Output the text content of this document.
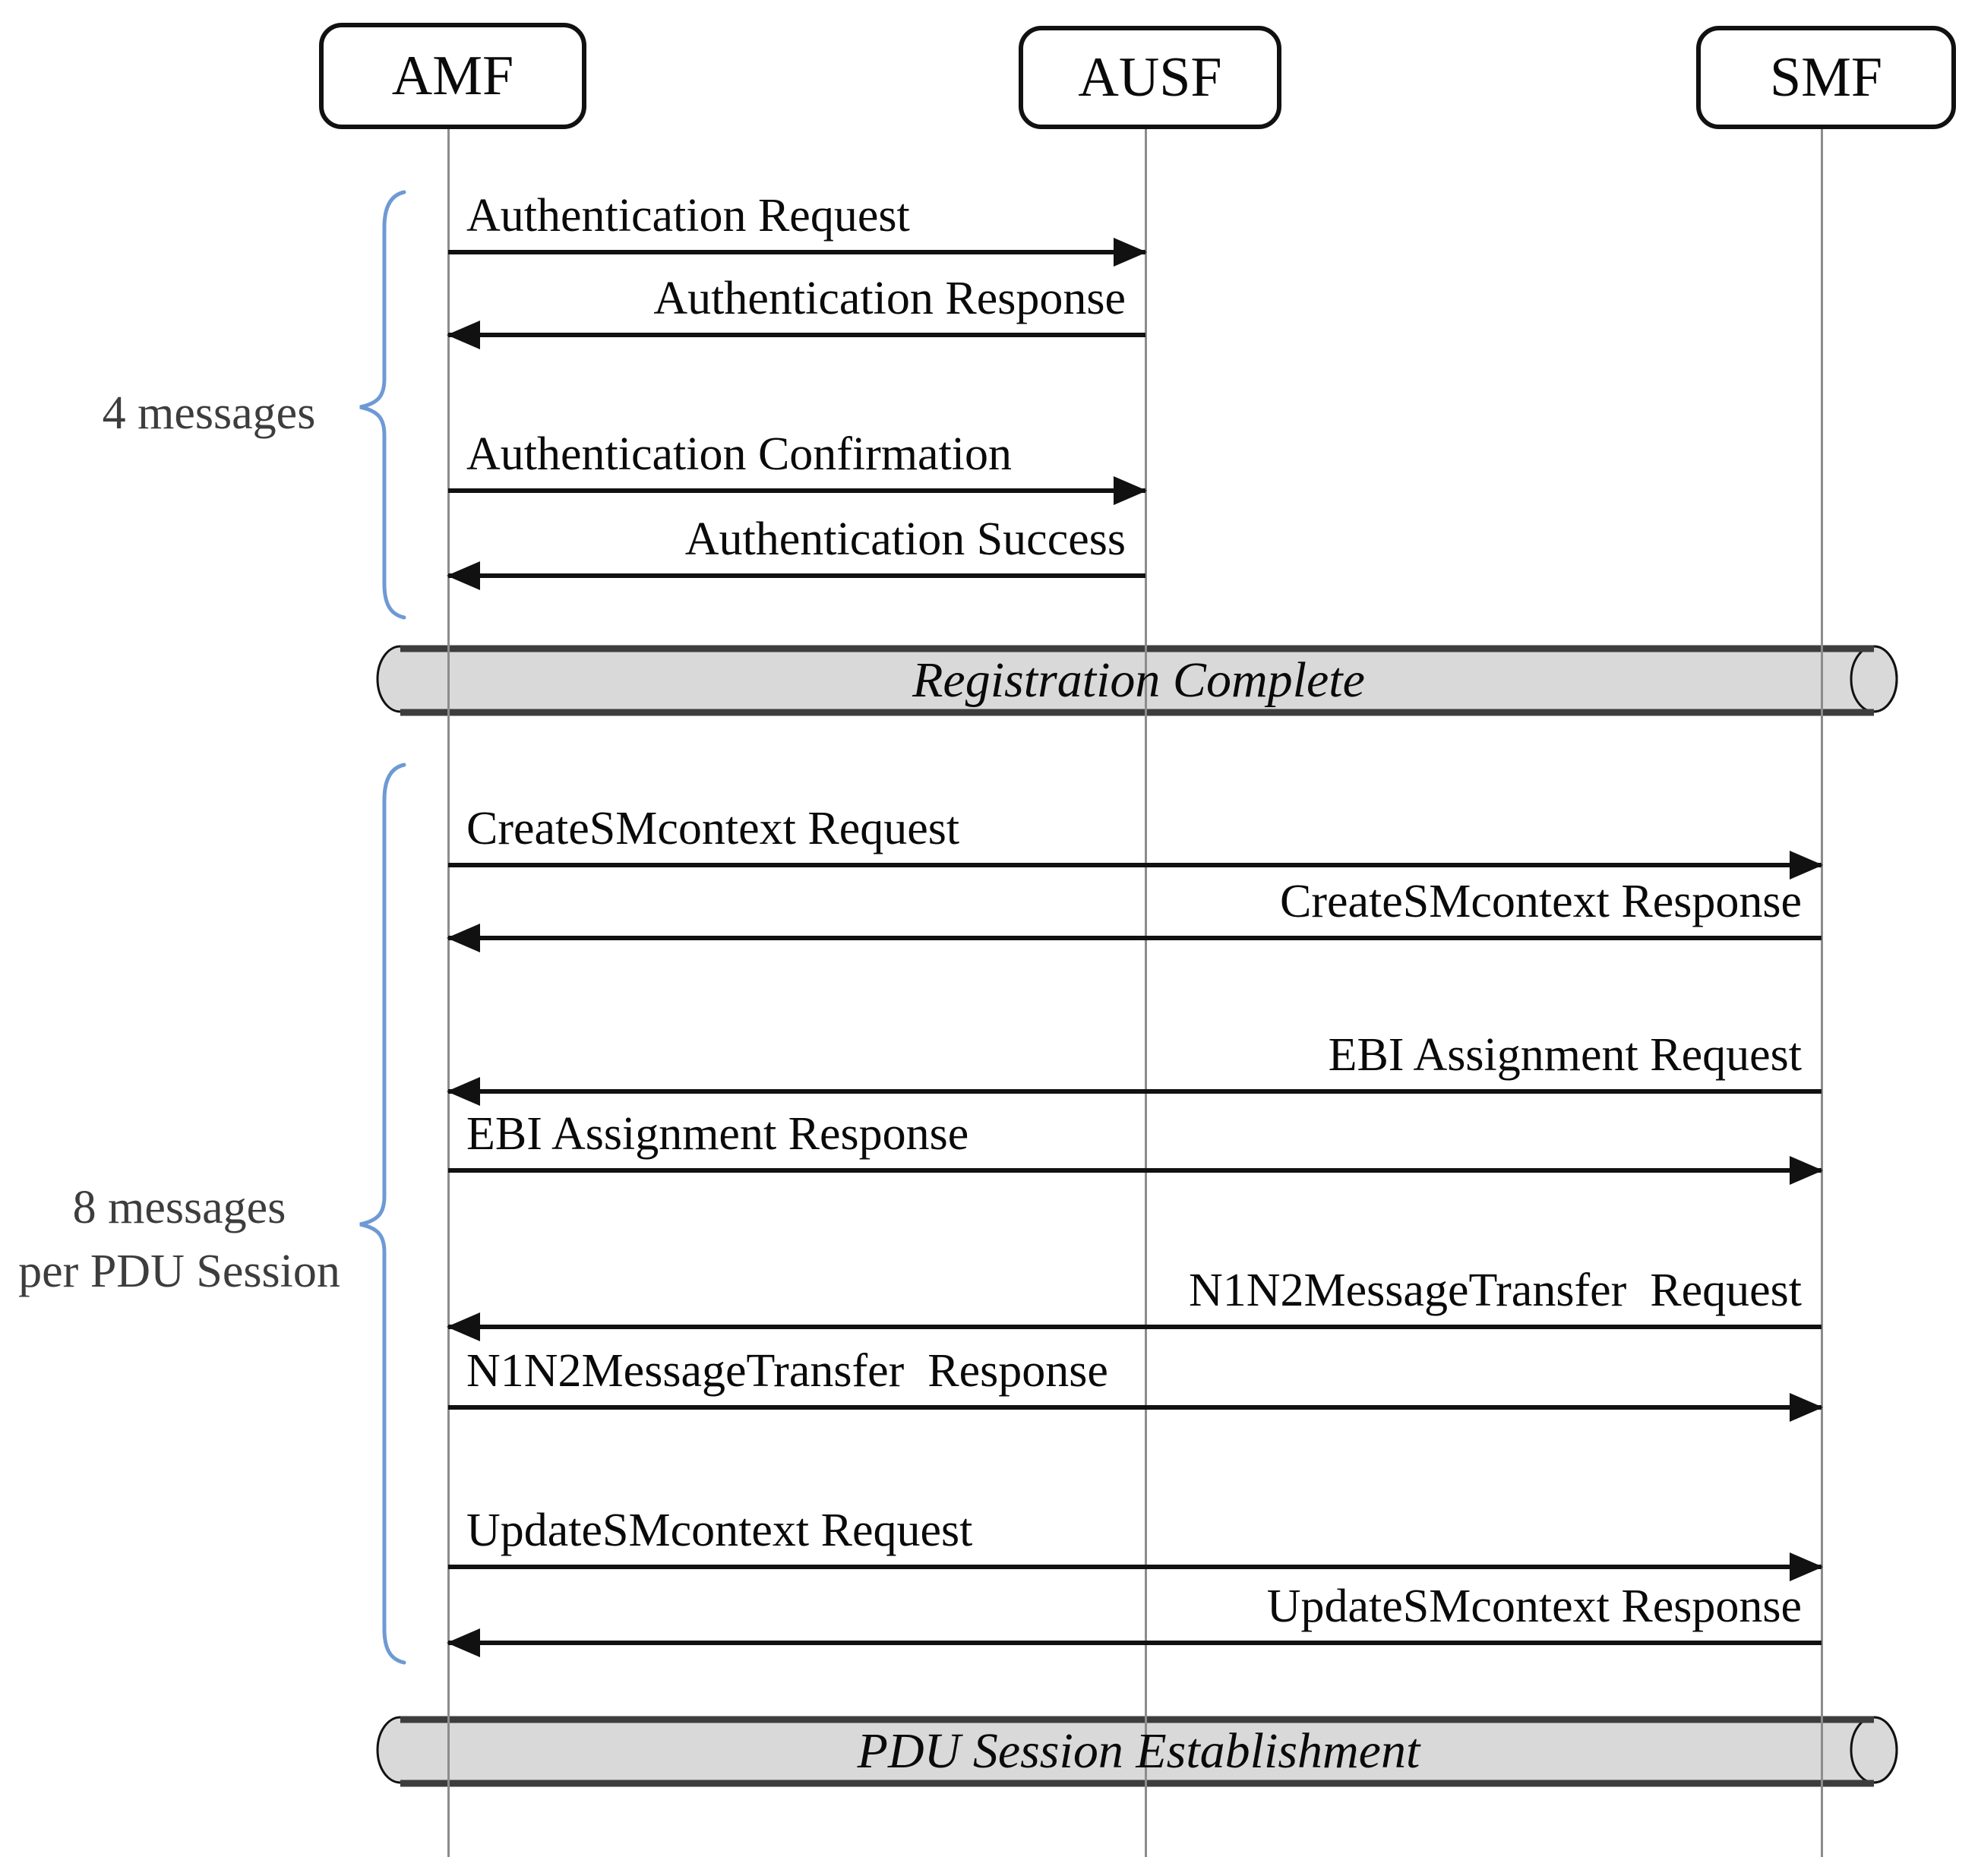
AMF	AUSF	SMF
Authentication Request
Authentication Response
Authentication Confirmation
Authentication Success
4 messages
Registration Complete
CreateSMcontext Request
CreateSMcontext Response
EBI Assignment Request
EBI Assignment Response
N1N2MessageTransfer  Request
N1N2MessageTransfer  Response
UpdateSMcontext Request
UpdateSMcontext Response
8 messages
per PDU Session
PDU Session Establishment
